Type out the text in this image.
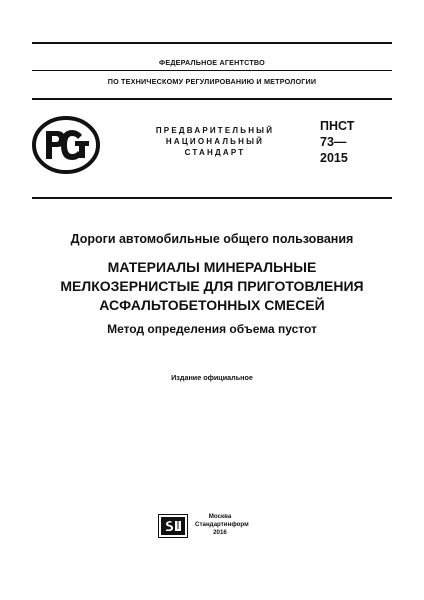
ФЕДЕРАЛЬНОЕ АГЕНТСТВО
ПО ТЕХНИЧЕСКОМУ РЕГУЛИРОВАНИЮ И МЕТРОЛОГИИ
ПРЕДВАРИТЕЛЬНЫЙ
НАЦИОНАЛЬНЫЙ
СТАНДАРТ
ПНСТ
73—
2015
Дороги автомобильные общего пользования
МАТЕРИАЛЫ МИНЕРАЛЬНЫЕ
МЕЛКОЗЕРНИСТЫЕ ДЛЯ ПРИГОТОВЛЕНИЯ
АСФАЛЬТОБЕТОННЫХ СМЕСЕЙ
Метод определения объема пустот
Издание официальное
Москва
Стандартинформ
2016
